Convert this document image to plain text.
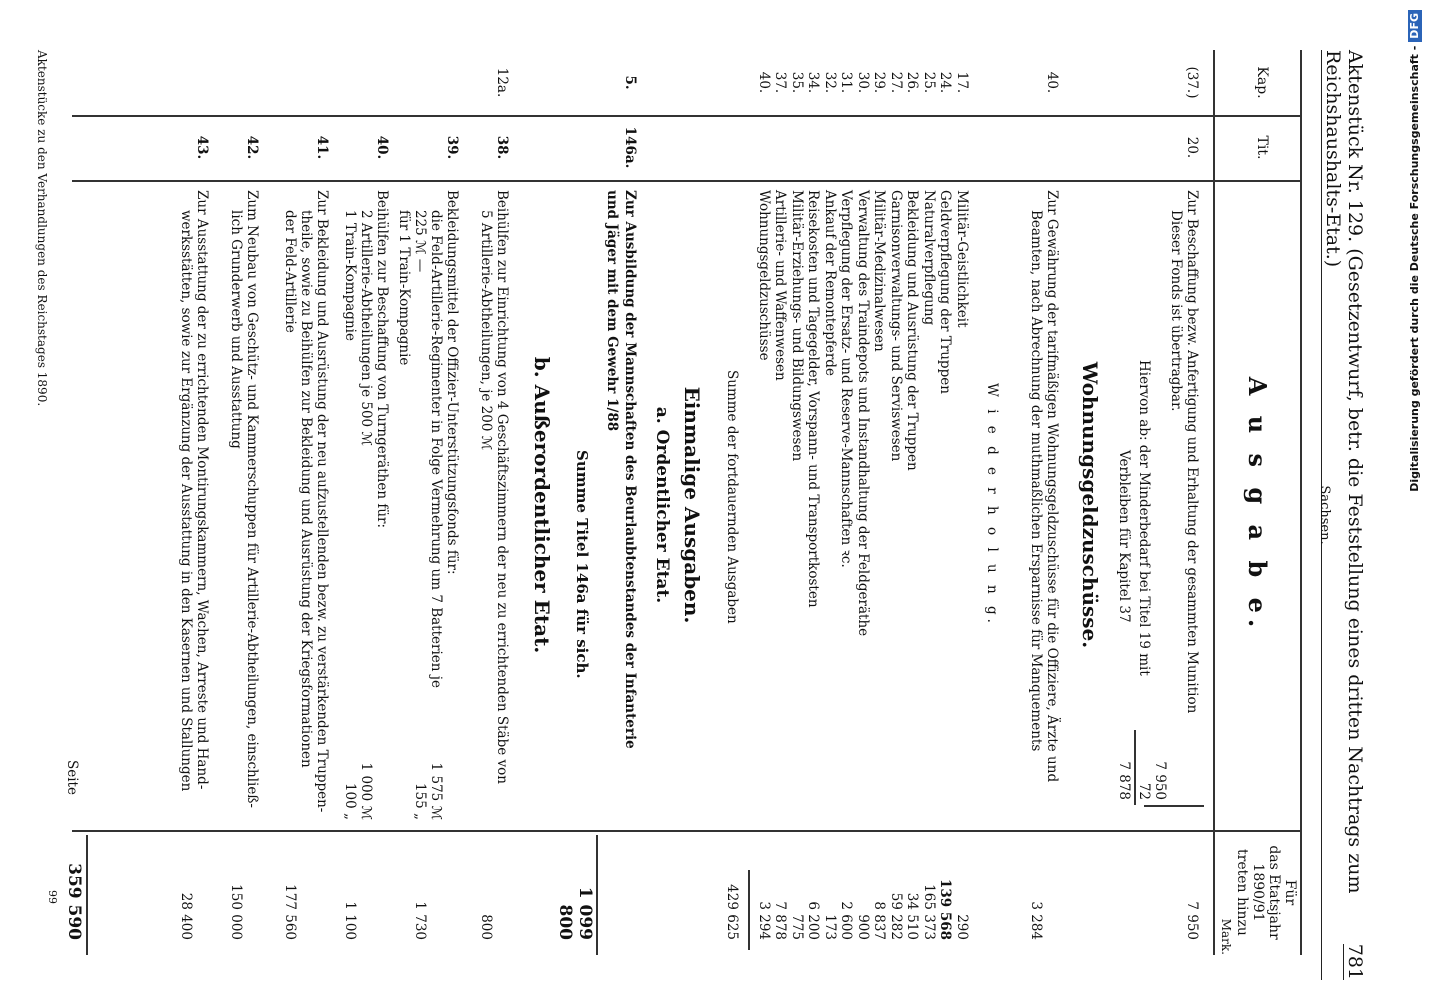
Aktenstück Nr. 129. (Gesetzentwurf, betr. die Feststellung eines dritten Nachtrags zum Reichshaushalts-Etat.)
781
Sachsen.
Kap.
Tit.
A u s g a b e.
Für
das Etatsjahr
1890/91
treten hinzu
Mark.
(37.)
20.
Zur Beschaffung bezw. Anfertigung und Erhaltung der gesammten Munition
Dieser Fonds ist übertragbar.
7 950
7 950
72
7 878
Hiervon ab: der Minderbedarf bei Titel 19 mit
Verbleiben für Kapitel 37
Wohnungsgeldzuschüsse.
40.
Zur Gewährung der tarifmäßigen Wohnungsgeldzuschüsse für die Offiziere, Ärzte und
Beamten, nach Abrechnung der muthmaßlichen Ersparnisse für Manquements
3 284
W i e d e r h o l u n g.
17.
Militär-Geistlichkeit
290
24.
Geldverpflegung der Truppen
139 568
25.
Naturalverpflegung
165 373
26.
Bekleidung und Ausrüstung der Truppen
34 510
27.
Garnisonverwaltungs- und Serviswesen
59 282
29.
Militär-Medizinalwesen
8 837
30.
Verwaltung des Traindepots und Instandhaltung der Feldgeräthe
900
31.
Verpflegung der Ersatz- und Reserve-Mannschaften ꝛc.
2 600
32.
Ankauf der Remontepferde
173
34.
Reisekosten und Tagegelder, Vorspann- und Transportkosten
6 200
35.
Militär-Erziehungs- und Bildungswesen
775
37.
Artillerie- und Waffenwesen
7 878
40.
Wohnungsgeldzuschüsse
3 294
Summe der fortdauernden Ausgaben
429 625
Einmalige Ausgaben.
a. Ordentlicher Etat.
5.
146a.
Zur Ausbildung der Mannschaften des Beurlaubtenstandes der Infanterie
und Jäger mit dem Gewehr 1/88
1 099 800
Summe Titel 146a für sich.
b. Außerordentlicher Etat.
12a.
38.
Beihülfen zur Einrichtung von 4 Geschäftszimmern der neu zu errichtenden Stäbe von
5 Artillerie-Abtheilungen, je 200 ℳ
800
39.
Bekleidungsmittel der Offizier-Unterstützungsfonds für:
die Feld-Artillerie-Regimenter in Folge Vermehrung um 7 Batterien je
225 ℳ —
für 1 Train-Kompagnie
1 575 ℳ
155 „
1 730
40.
Beihülfen zur Beschaffung von Turngeräthen für:
2 Artillerie-Abtheilungen je 500 ℳ
1 Train-Kompagnie
1 000 ℳ
100 „
1 100
41.
Zur Bekleidung und Ausrüstung der neu aufzustellenden bezw. zu verstärkenden Truppen-
theile, sowie zu Beihülfen zur Bekleidung und Ausrüstung der Kriegsformationen
der Feld-Artillerie
177 560
42.
Zum Neubau von Geschütz- und Kammerschuppen für Artillerie-Abtheilungen, einschließ-
lich Grunderwerb und Ausstattung
150 000
43.
Zur Ausstattung der zu errichtenden Montirungskammern, Wachen, Arreste und Hand-
werksstätten, sowie zur Ergänzung der Ausstattung in den Kasernen und Stallungen
28 400
Seite
359 590
99
Aktenstücke zu den Verhandlungen des Reichstages 1890.	Digitalisierung gefördert durch die Deutsche Forschungsgemeinschaft -DFG
